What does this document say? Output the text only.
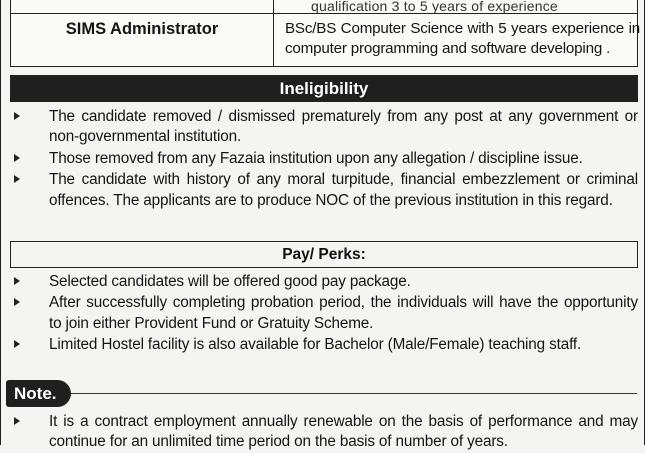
qualification 3 to 5 years of experience
SIMS Administrator	BSc/BS Computer Science with 5 years experience in computer programming and software developing .
Ineligibility
The candidate removed / dismissed prematurely from any post at any government or non-governmental institution.
Those removed from any Fazaia institution upon any allegation / discipline issue.
The candidate with history of any moral turpitude, financial embezzlement or criminal offences. The applicants are to produce NOC of the previous institution in this regard.
Pay/ Perks:
Selected candidates will be offered good pay package.
After successfully completing probation period, the individuals will have the opportunity to join either Provident Fund or Gratuity Scheme.
Limited Hostel facility is also available for Bachelor (Male/Female) teaching staff.
Note.
It is a contract employment annually renewable on the basis of performance and may continue for an unlimited time period on the basis of number of years.
